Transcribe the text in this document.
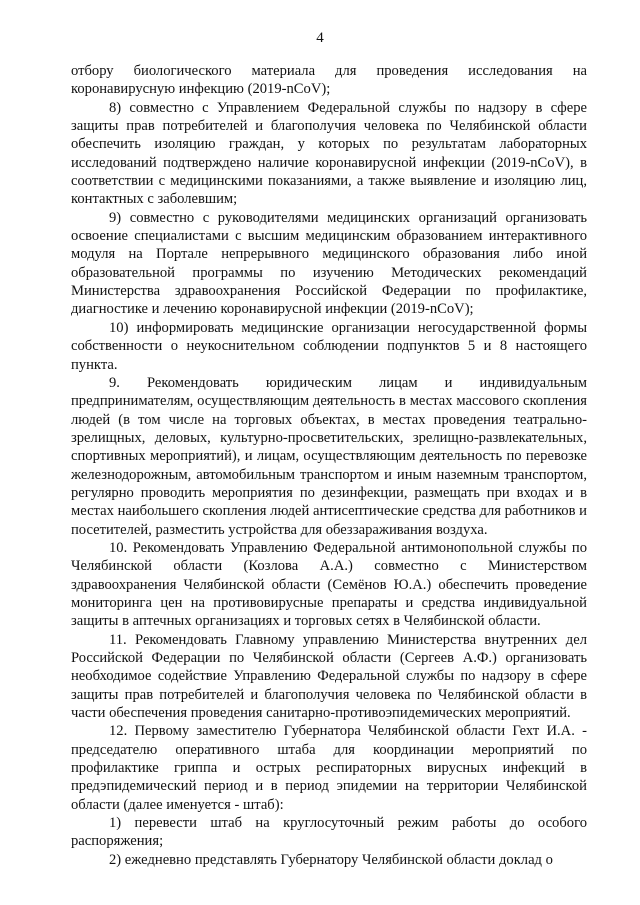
4

отбору биологического материала для проведения исследования на коронавирусную инфекцию (2019-nCoV);

8) совместно с Управлением Федеральной службы по надзору в сфере защиты прав потребителей и благополучия человека по Челябинской области обеспечить изоляцию граждан, у которых по результатам лабораторных исследований подтверждено наличие коронавирусной инфекции (2019-nCoV), в соответствии с медицинскими показаниями, а также выявление и изоляцию лиц, контактных с заболевшим;

9) совместно с руководителями медицинских организаций организовать освоение специалистами с высшим медицинским образованием интерактивного модуля на Портале непрерывного медицинского образования либо иной образовательной программы по изучению Методических рекомендаций Министерства здравоохранения Российской Федерации по профилактике, диагностике и лечению коронавирусной инфекции (2019-nCoV);

10) информировать медицинские организации негосударственной формы собственности о неукоснительном соблюдении подпунктов 5 и 8 настоящего пункта.

9. Рекомендовать юридическим лицам и индивидуальным предпринимателям, осуществляющим деятельность в местах массового скопления людей (в том числе на торговых объектах, в местах проведения театрально-зрелищных, деловых, культурно-просветительских, зрелищно-развлекательных, спортивных мероприятий), и лицам, осуществляющим деятельность по перевозке железнодорожным, автомобильным транспортом и иным наземным транспортом, регулярно проводить мероприятия по дезинфекции, размещать при входах и в местах наибольшего скопления людей антисептические средства для работников и посетителей, разместить устройства для обеззараживания воздуха.

10. Рекомендовать Управлению Федеральной антимонопольной службы по Челябинской области (Козлова А.А.) совместно с Министерством здравоохранения Челябинской области (Семёнов Ю.А.) обеспечить проведение мониторинга цен на противовирусные препараты и средства индивидуальной защиты в аптечных организациях и торговых сетях в Челябинской области.

11. Рекомендовать Главному управлению Министерства внутренних дел Российской Федерации по Челябинской области (Сергеев А.Ф.) организовать необходимое содействие Управлению Федеральной службы по надзору в сфере защиты прав потребителей и благополучия человека по Челябинской области в части обеспечения проведения санитарно-противоэпидемических мероприятий.

12. Первому заместителю Губернатора Челябинской области Гехт И.А. - председателю оперативного штаба для координации мероприятий по профилактике гриппа и острых респираторных вирусных инфекций в предэпидемический период и в период эпидемии на территории Челябинской области (далее именуется - штаб):

1) перевести штаб на круглосуточный режим работы до особого распоряжения;

2) ежедневно представлять Губернатору Челябинской области доклад о
